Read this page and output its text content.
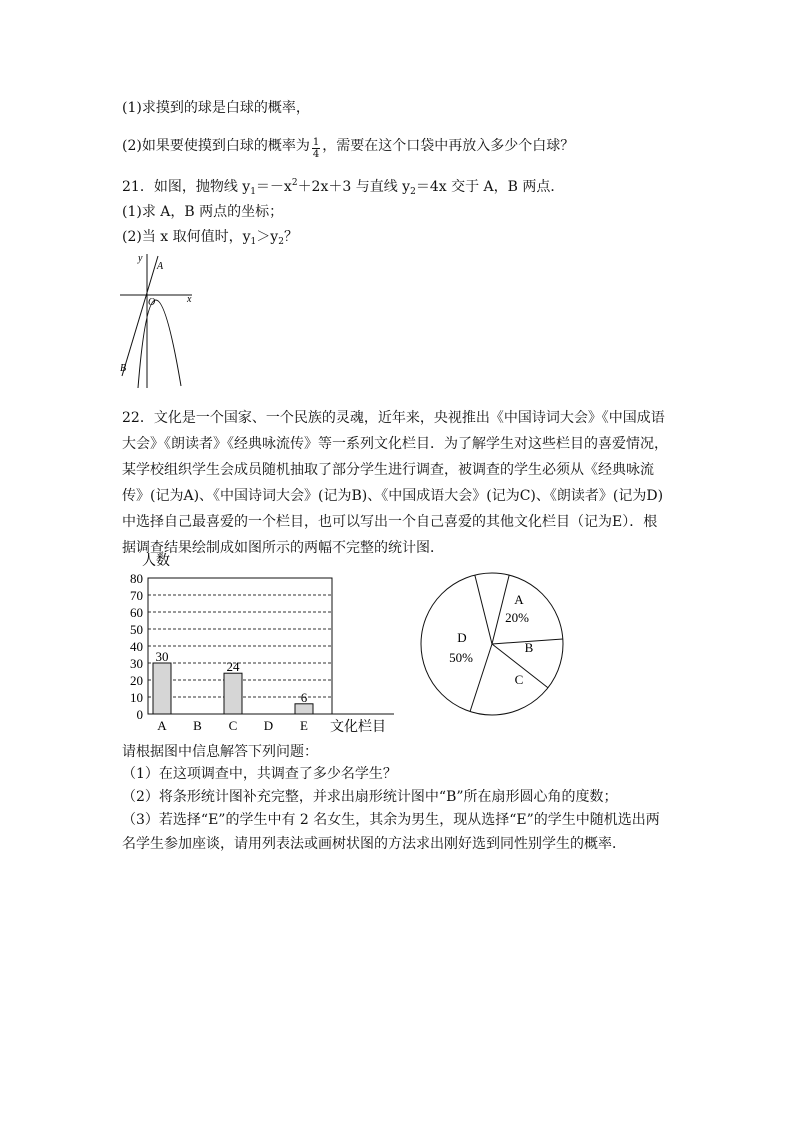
(1)求摸到的球是白球的概率，
(2)如果要使摸到白球的概率为 $\frac{1}{4}$ ，需要在这个口袋中再放入多少个白球？
21．如图，抛物线 $y_1=-x^2+2x+3$ 与直线 $y_2=4x$ 交于 A，B 两点．
(1)求 A，B 两点的坐标；
(2)当 x 取何值时，$y_1>y_2$？
y
x
O
A
B
22．文化是一个国家、一个民族的灵魂，近年来，央视推出《中国诗词大会》《中国成语大会》《朗读者》《经典咏流传》等一系列文化栏目．为了解学生对这些栏目的喜爱情况，某学校组织学生会成员随机抽取了部分学生进行调查，被调查的学生必须从《经典咏流传》(记为A)、《中国诗词大会》(记为B)、《中国成语大会》(记为C)、《朗读者》(记为D) 中选择自己最喜爱的一个栏目，也可以写出一个自己喜爱的其他文化栏目（记为E）．根据调查结果绘制成如图所示的两幅不完整的统计图．
0
10
20
30
40
50
60
70
80
人数
文化栏目
A
30
B C
24
D E
6
A
20%
B
C
D
50%
请根据图中信息解答下列问题：
（1）在这项调查中，共调查了多少名学生？
（2）将条形统计图补充完整，并求出扇形统计图中“B”所在扇形圆心角的度数；
（3）若选择“E”的学生中有 2 名女生，其余为男生，现从选择“E”的学生中随机选出两
名学生参加座谈，请用列表法或画树状图的方法求出刚好选到同性别学生的概率．
